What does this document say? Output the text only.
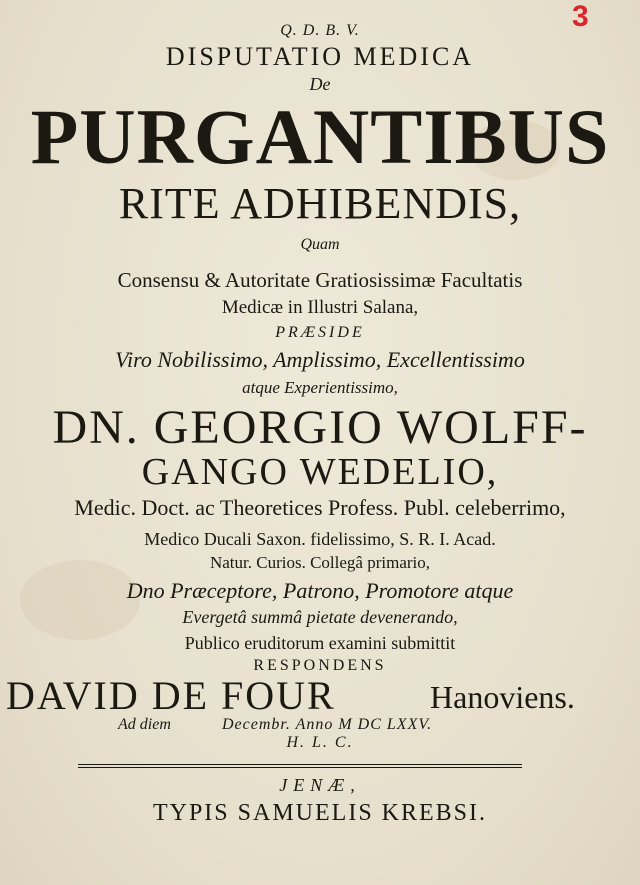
3
Q. D. B. V.
DISPUTATIO MEDICA
De
PURGANTIBUS
RITE ADHIBENDIS,
Quam
Consensu & Autoritate Gratiosissimæ Facultatis
Medicæ in Illustri Salana,
PRÆSIDE
Viro Nobilissimo, Amplissimo, Excellentissimo
atque Experientissimo,
DN. GEORGIO WOLFF-
GANGO WEDELIO,
Medic. Doct. ac Theoretices Profess. Publ. celeberrimo,
Medico Ducali Saxon. fidelissimo, S. R. I. Acad.
Natur. Curios. Collegâ primario,
Dno Præceptore, Patrono, Promotore atque
Evergetâ summâ pietate devenerando,
Publico eruditorum examini submittit
RESPONDENS
DAVID DE FOUR	Hanoviens.
Ad diem	Decembr. Anno M DC LXXV.
H. L. C.
JENÆ,
TYPIS SAMUELIS KREBSI.
